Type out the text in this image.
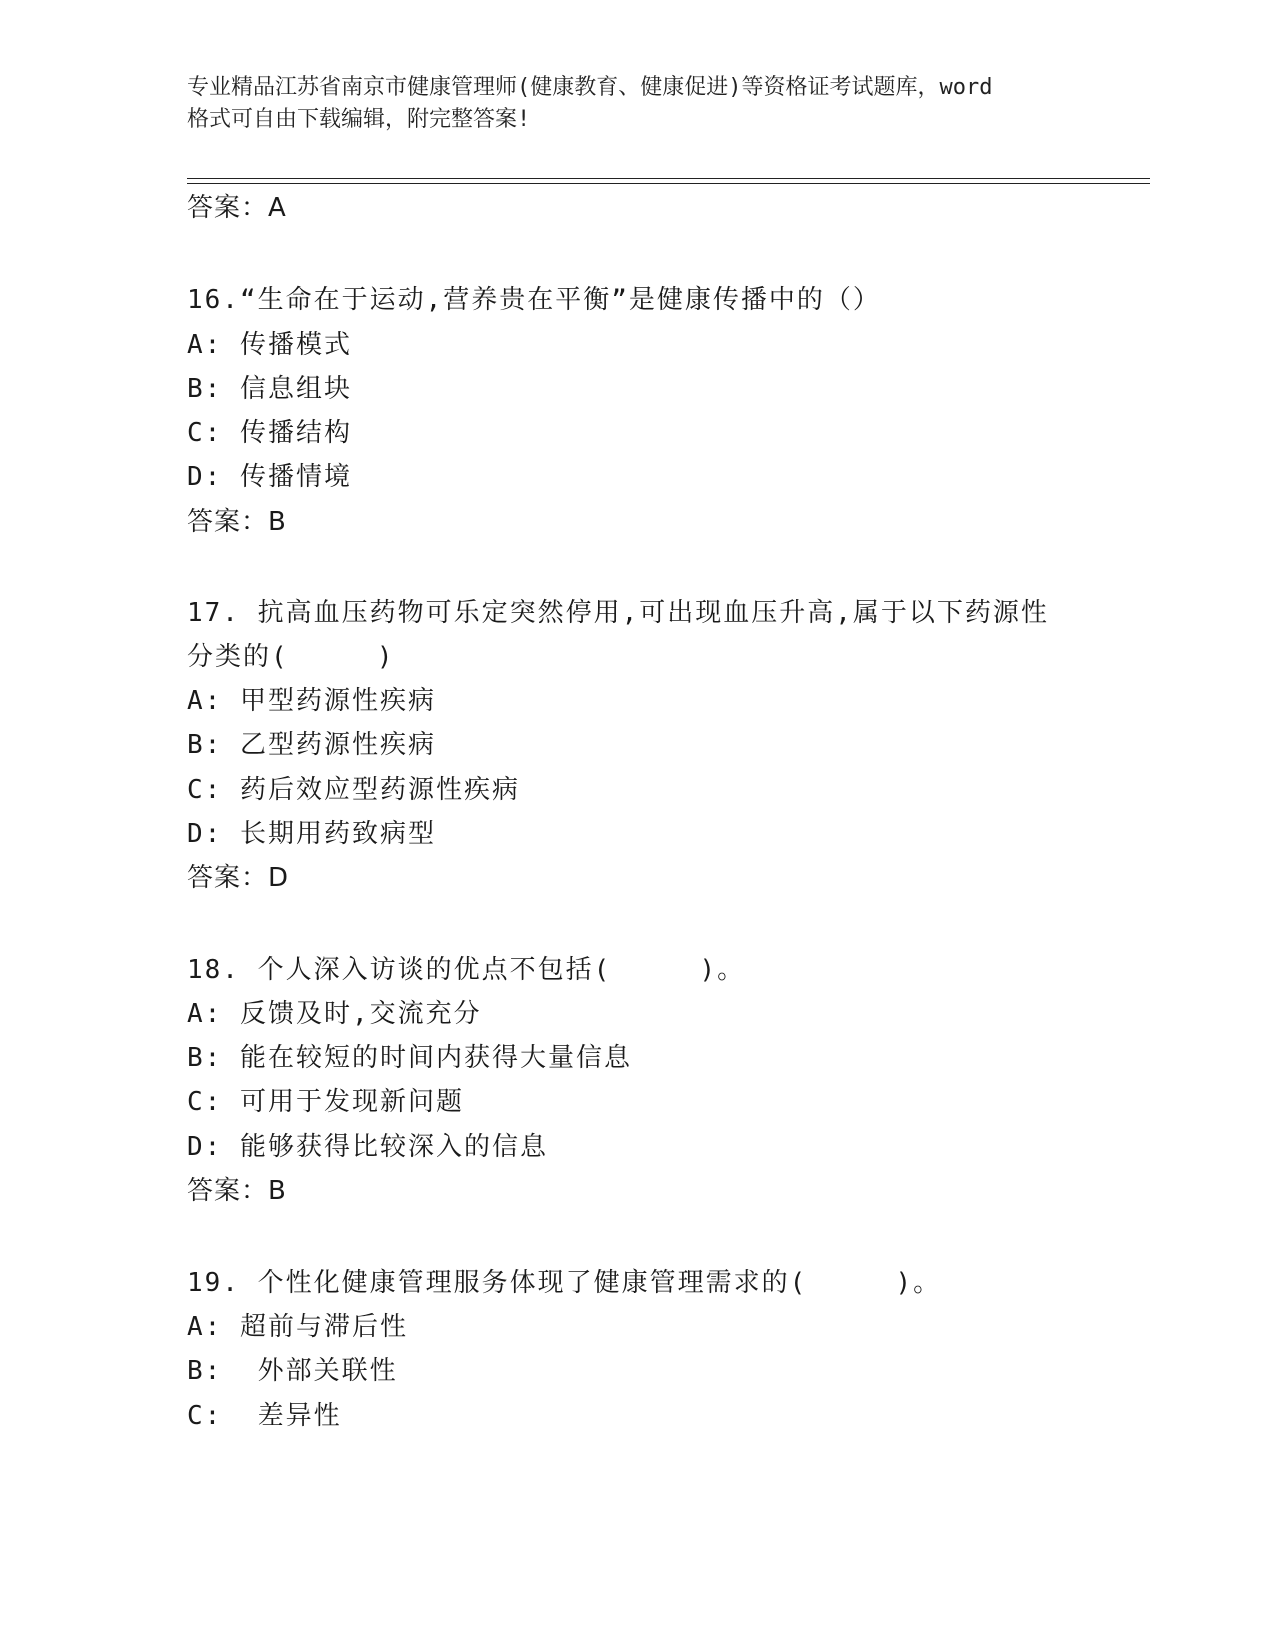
专业精品江苏省南京市健康管理师(健康教育、健康促进)等资格证考试题库，word
格式可自由下载编辑，附完整答案!
答案：A
16.“生命在于运动,营养贵在平衡”是健康传播中的（）
A: 传播模式
B: 信息组块
C: 传播结构
D: 传播情境
答案：B
17. 抗高血压药物可乐定突然停用,可出现血压升高,属于以下药源性
分类的(     )
A: 甲型药源性疾病
B: 乙型药源性疾病
C: 药后效应型药源性疾病
D: 长期用药致病型
答案：D
18. 个人深入访谈的优点不包括(     )。
A: 反馈及时,交流充分
B: 能在较短的时间内获得大量信息
C: 可用于发现新问题
D: 能够获得比较深入的信息
答案：B
19. 个性化健康管理服务体现了健康管理需求的(     )。
A: 超前与滞后性
B:  外部关联性
C:  差异性
